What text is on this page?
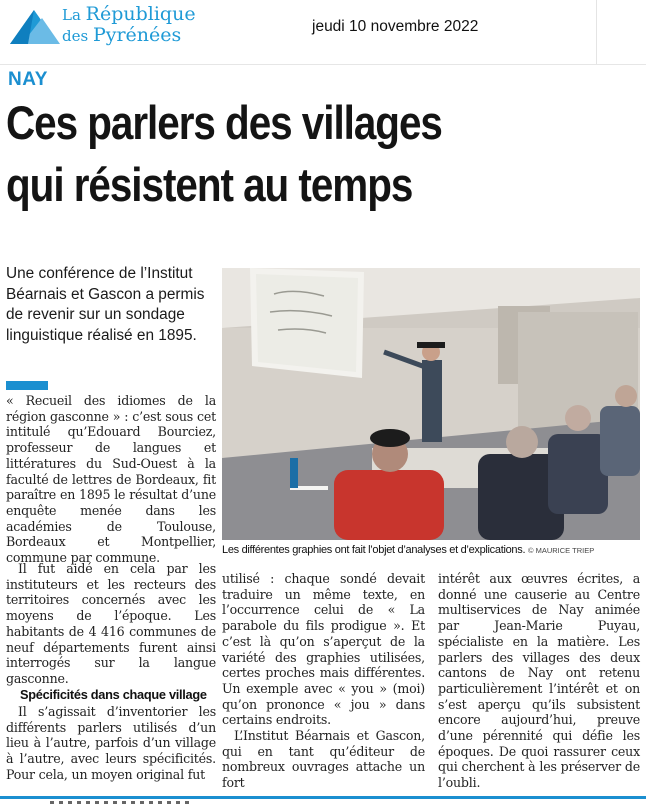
La République
des Pyrénées	jeudi 10 novembre 2022
NAY
Ces parlers des villages
qui résistent au temps
Une conférence de l’Institut Béarnais et Gascon a permis de revenir sur un sondage linguistique réalisé en 1895.

« Recueil des idiomes de la région gasconne » : c’est sous cet intitulé qu’Edouard Bourciez, professeur de langues et littératures du Sud-Ouest à la faculté de lettres de Bordeaux, fit paraître en 1895 le résultat d’une enquête menée dans les académies de Toulouse, Bordeaux et Montpellier, commune par commune.

Il fut aidé en cela par les instituteurs et les recteurs des territoires concernés avec les moyens de l’époque. Les habitants de 4 416 communes de neuf départements furent ainsi interrogés sur la langue gasconne.

Spécificités dans chaque village

Il s’agissait d’inventorier les différents parlers utilisés d’un lieu à l’autre, parfois d’un village à l’autre, avec leurs spécificités. Pour cela, un moyen original fut

Les différentes graphies ont fait l’objet d’analyses et d’explications. © MAURICE TRIEP

utilisé : chaque sondé devait traduire un même texte, en l’occurrence celui de « La parabole du fils prodigue ». Et c’est là qu’on s’aperçut de la variété des graphies utilisées, certes proches mais différentes. Un exemple avec « you » (moi) qu’on prononce « jou » dans certains endroits.

L’Institut Béarnais et Gascon, qui en tant qu’éditeur de nombreux ouvrages attache un fort

intérêt aux œuvres écrites, a donné une causerie au Centre multiservices de Nay animée par Jean-Marie Puyau, spécialiste en la matière. Les parlers des villages des deux cantons de Nay ont retenu particulièrement l’intérêt et on s’est aperçu qu’ils subsistent encore aujourd’hui, preuve d’une pérennité qui défie les époques. De quoi rassurer ceux qui cherchent à les préserver de l’oubli.
